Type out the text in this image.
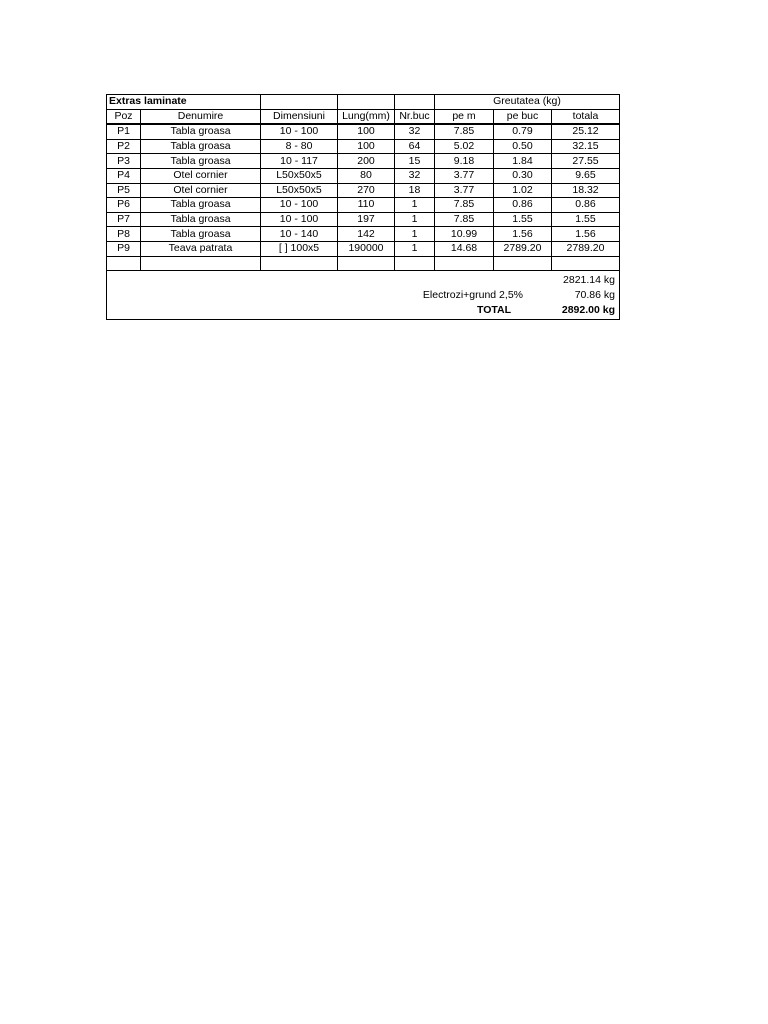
Extras laminate					Greutatea (kg)		
Poz	Denumire	Dimensiuni	Lung(mm)	Nr.buc	pe m	pe buc	totala
P1	Tabla groasa	10 - 100	100	32	7.85	0.79	25.12
P2	Tabla groasa	8 - 80	100	64	5.02	0.50	32.15
P3	Tabla groasa	10 - 117	200	15	9.18	1.84	27.55
P4	Otel cornier	L50x50x5	80	32	3.77	0.30	9.65
P5	Otel cornier	L50x50x5	270	18	3.77	1.02	18.32
P6	Tabla groasa	10 - 100	110	1	7.85	0.86	0.86
P7	Tabla groasa	10 - 100	197	1	7.85	1.55	1.55
P8	Tabla groasa	10 - 140	142	1	10.99	1.56	1.56
P9	Teava patrata	[ ] 100x5	190000	1	14.68	2789.20	2789.20

2821.14 kg
Electrozi+grund 2,5% 70.86 kg
TOTAL 2892.00 kg							
